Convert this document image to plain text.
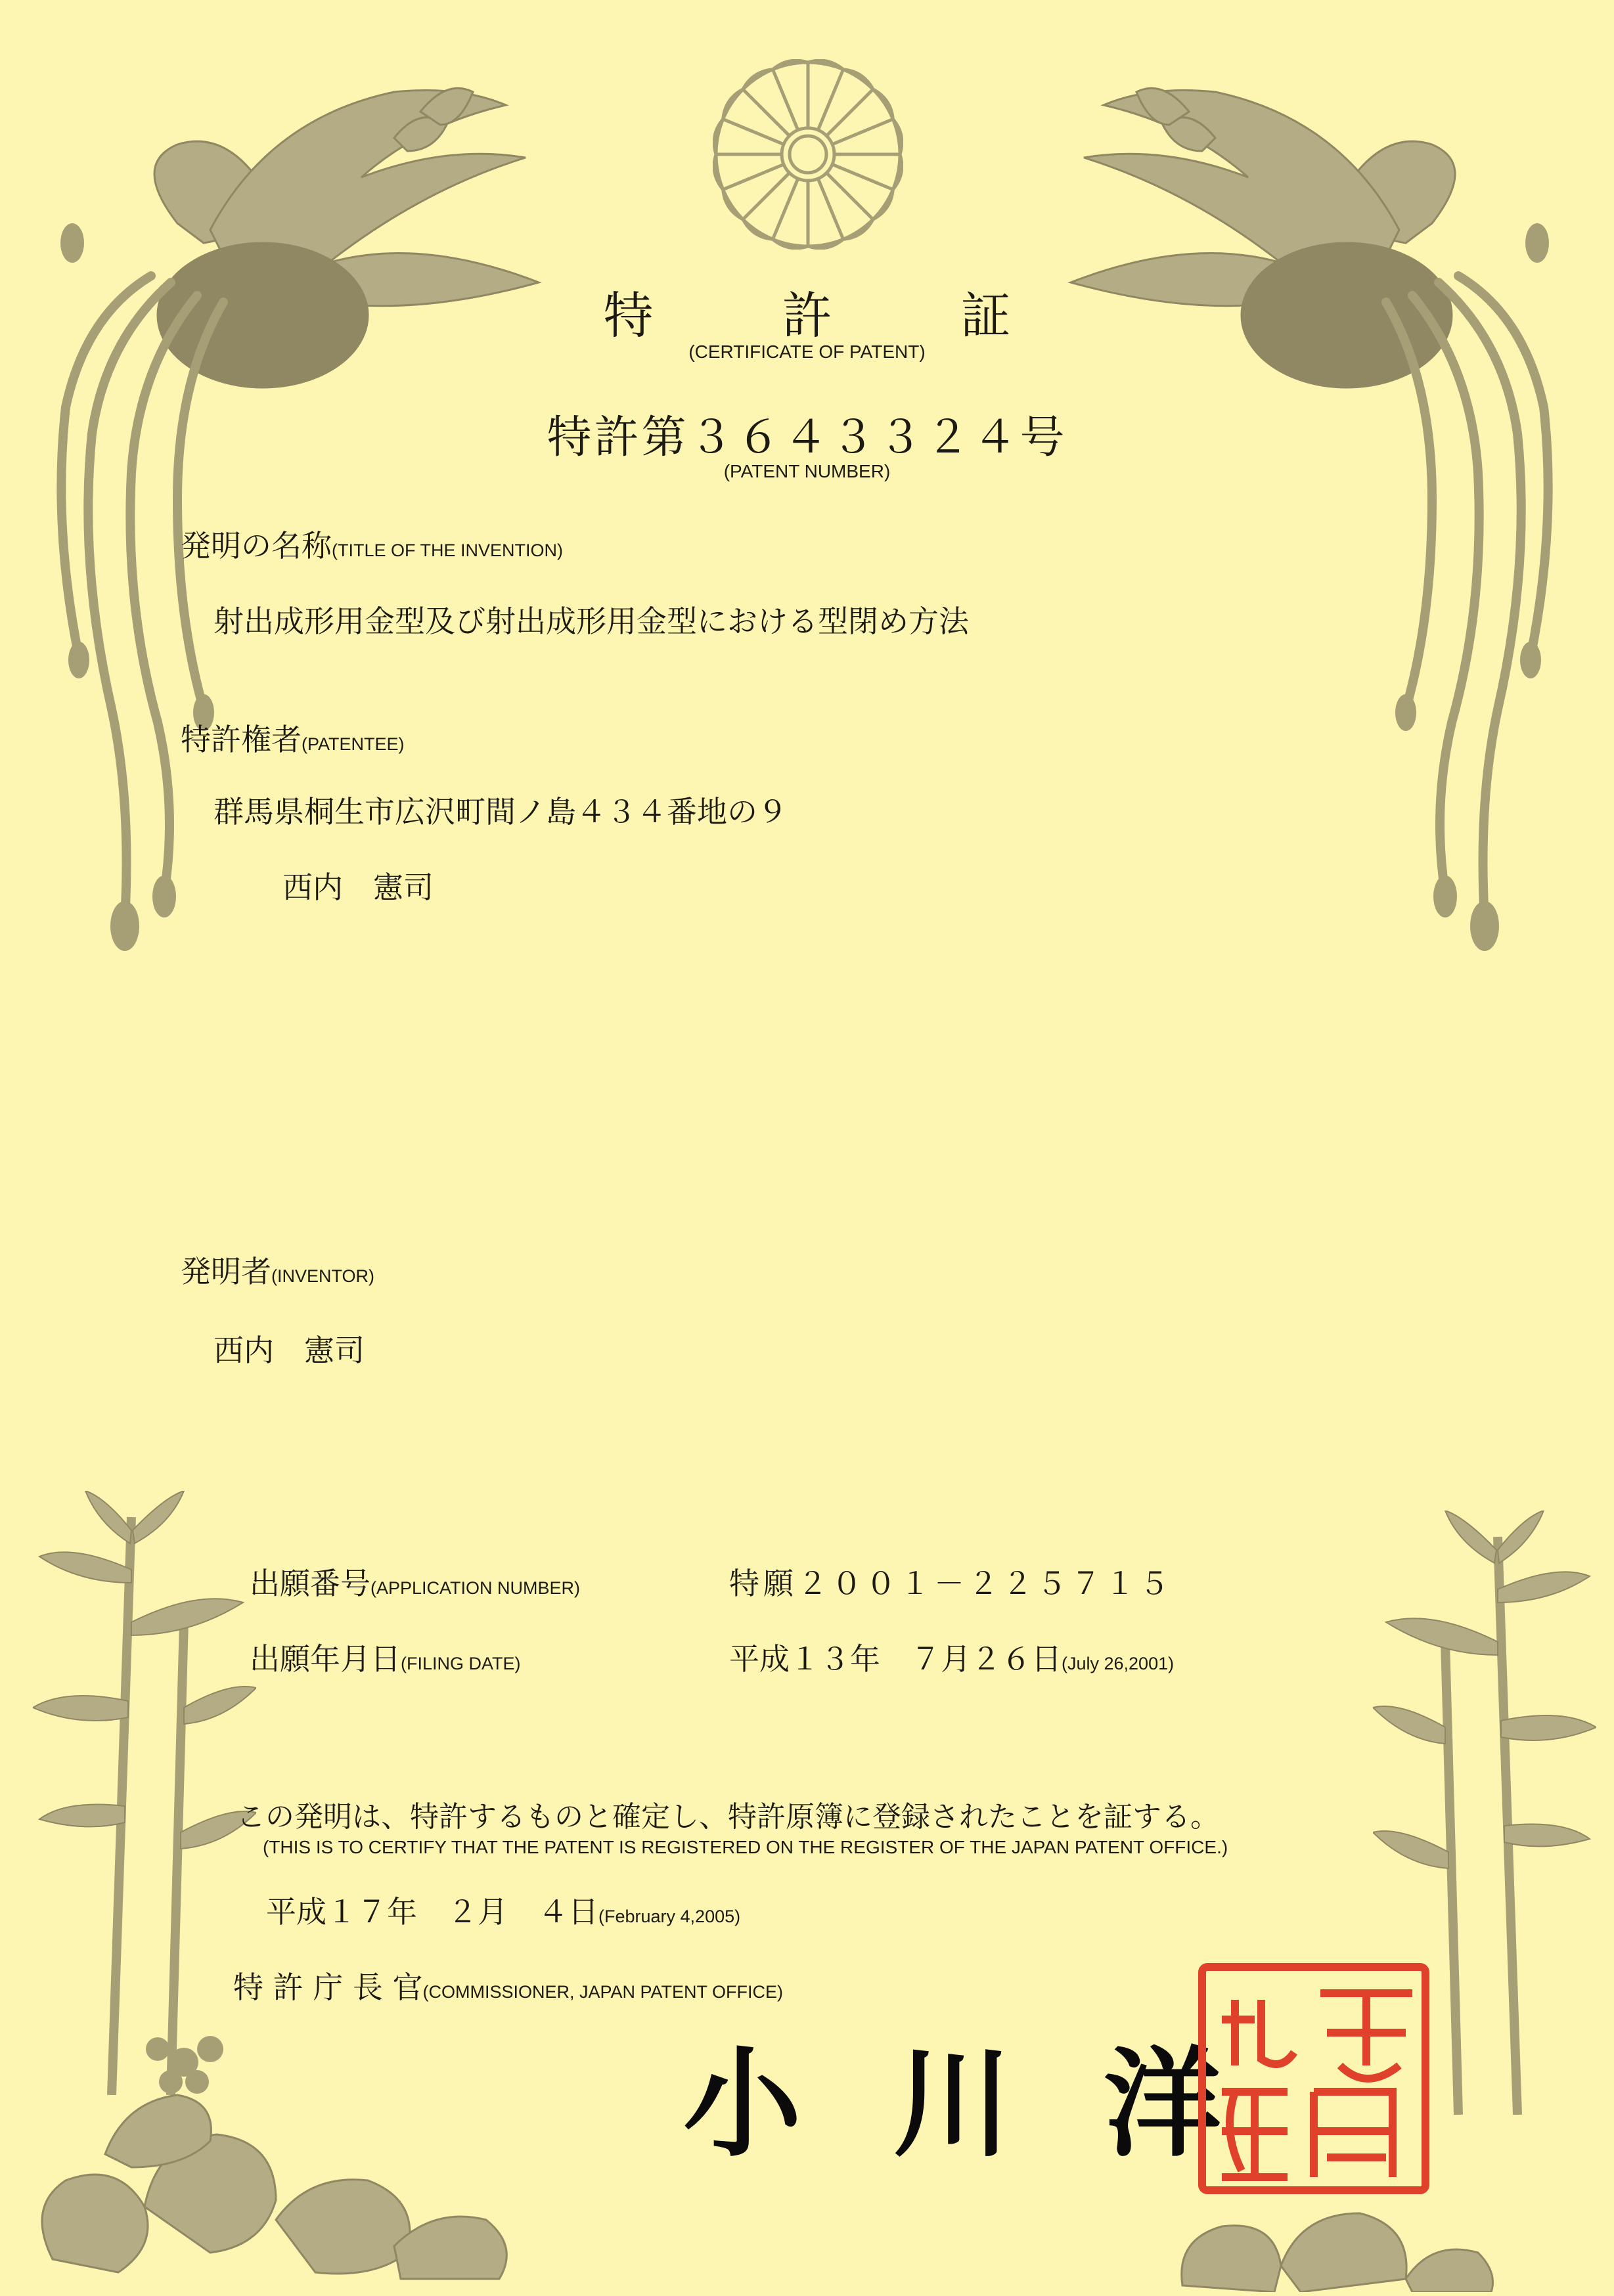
特　許　証
(CERTIFICATE OF PATENT)
特許第３６４３３２４号
(PATENT NUMBER)
発明の名称(TITLE OF THE INVENTION)
射出成形用金型及び射出成形用金型における型閉め方法
特許権者(PATENTEE)
群馬県桐生市広沢町間ノ島４３４番地の９
西内　憲司
発明者(INVENTOR)
西内　憲司
出願番号(APPLICATION NUMBER)	特願２００１－２２５７１５
出願年月日(FILING DATE)	平成１３年　７月２６日(July 26,2001)
この発明は、特許するものと確定し、特許原簿に登録されたことを証する。
(THIS IS TO CERTIFY THAT THE PATENT IS REGISTERED ON THE REGISTER OF THE JAPAN PATENT OFFICE.)
平成１７年　２月　４日(February 4,2005)
特 許 庁 長 官(COMMISSIONER, JAPAN PATENT OFFICE)
小川洋
